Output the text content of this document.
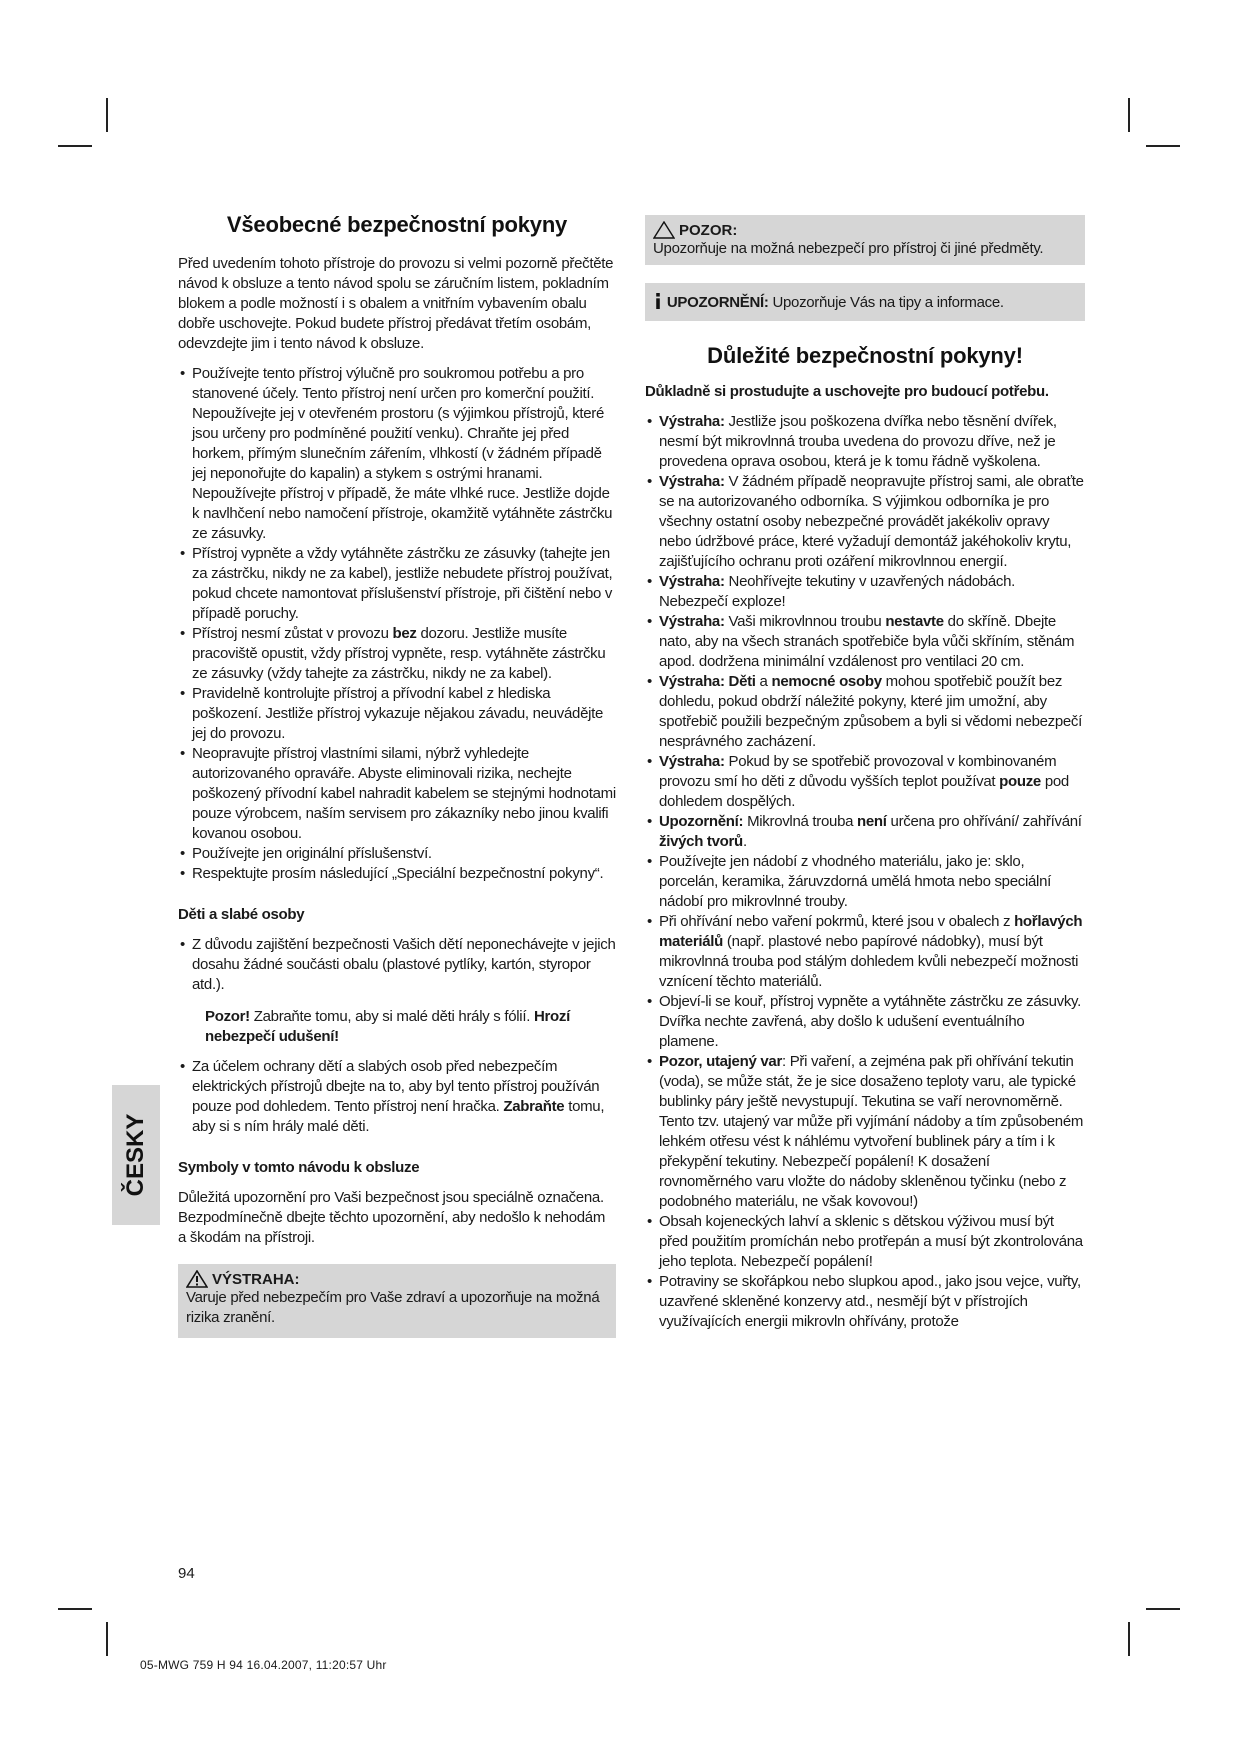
Všeobecné bezpečnostní pokyny

Před uvedením tohoto přístroje do provozu si velmi pozorně přečtěte návod k obsluze a tento návod spolu se záručním listem, pokladním blokem a podle možností i s obalem a vnitřním vybavením obalu dobře uschovejte. Pokud budete přístroj předávat třetím osobám, odevzdejte jim i tento návod k obsluze.

• Používejte tento přístroj výlučně pro soukromou potřebu a pro stanovené účely. Tento přístroj není určen pro komerční použití. Nepoužívejte jej v otevřeném prostoru (s výjimkou přístrojů, které jsou určeny pro podmíněné použití venku). Chraňte jej před horkem, přímým slunečním zářením, vlhkostí (v žádném případě jej neponořujte do kapalin) a stykem s ostrými hranami. Nepoužívejte přístroj v případě, že máte vlhké ruce. Jestliže dojde k navlhčení nebo namočení přístroje, okamžitě vytáhněte zástrčku ze zásuvky.
• Přístroj vypněte a vždy vytáhněte zástrčku ze zásuvky (tahejte jen za zástrčku, nikdy ne za kabel), jestliže nebudete přístroj používat, pokud chcete namontovat příslušenství přístroje, při čištění nebo v případě poruchy.
• Přístroj nesmí zůstat v provozu bez dozoru. Jestliže musíte pracoviště opustit, vždy přístroj vypněte, resp. vytáhněte zástrčku ze zásuvky (vždy tahejte za zástrčku, nikdy ne za kabel).
• Pravidelně kontrolujte přístroj a přívodní kabel z hlediska poškození. Jestliže přístroj vykazuje nějakou závadu, neuvádějte jej do provozu.
• Neopravujte přístroj vlastními silami, nýbrž vyhledejte autorizovaného opraváře. Abyste eliminovali rizika, nechejte poškozený přívodní kabel nahradit kabelem se stejnými hodnotami pouze výrobcem, naším servisem pro zákazníky nebo jinou kvalifi kovanou osobou.
• Používejte jen originální příslušenství.
• Respektujte prosím následující „Speciální bezpečnostní pokyny“.
Děti a slabé osoby
• Z důvodu zajištění bezpečnosti Vašich dětí neponechávejte v jejich dosahu žádné součásti obalu (plastové pytlíky, kartón, styropor atd.).

Pozor! Zabraňte tomu, aby si malé děti hrály s fólií. Hrozí nebezpečí udušení!

• Za účelem ochrany dětí a slabých osob před nebezpečím elektrických přístrojů dbejte na to, aby byl tento přístroj používán pouze pod dohledem. Tento přístroj není hračka. Zabraňte tomu, aby si s ním hrály malé děti.
Symboly v tomto návodu k obsluze

Důležitá upozornění pro Vaši bezpečnost jsou speciálně označena. Bezpodmínečně dbejte těchto upozornění, aby nedošlo k nehodám a škodám na přístroji.

VÝSTRAHA:

Varuje před nebezpečím pro Vaše zdraví a upozorňuje na možná rizika zranění.

POZOR:

Upozorňuje na možná nebezpečí pro přístroj či jiné předměty.

UPOZORNĚNÍ: Upozorňuje Vás na tipy a informace.

Důležité bezpečnostní pokyny!
Důkladně si prostudujte a uschovejte pro budoucí potřebu.
• Výstraha: Jestliže jsou poškozena dvířka nebo těsnění dvířek, nesmí být mikrovlnná trouba uvedena do provozu dříve, než je provedena oprava osobou, která je k tomu řádně vyškolena.
• Výstraha: V žádném případě neopravujte přístroj sami, ale obraťte se na autorizovaného odborníka. S výjimkou odborníka je pro všechny ostatní osoby nebezpečné provádět jakékoliv opravy nebo údržbové práce, které vyžadují demontáž jakéhokoliv krytu, zajišťujícího ochranu proti ozáření mikrovlnnou energií.
• Výstraha: Neohřívejte tekutiny v uzavřených nádobách. Nebezpečí exploze!
• Výstraha: Vaši mikrovlnnou troubu nestavte do skříně. Dbejte nato, aby na všech stranách spotřebiče byla vůči skříním, stěnám apod. dodržena minimální vzdálenost pro ventilaci 20 cm.
• Výstraha: Děti a nemocné osoby mohou spotřebič použít bez dohledu, pokud obdrží náležité pokyny, které jim umožní, aby spotřebič použili bezpečným způsobem a byli si vědomi nebezpečí nesprávného zacházení.
• Výstraha: Pokud by se spotřebič provozoval v kombinovaném provozu smí ho děti z důvodu vyšších teplot používat pouze pod dohledem dospělých.
• Upozornění: Mikrovlná trouba není určena pro ohřívání/ zahřívání živých tvorů.
• Používejte jen nádobí z vhodného materiálu, jako je: sklo, porcelán, keramika, žáruvzdorná umělá hmota nebo speciální nádobí pro mikrovlnné trouby.
• Při ohřívání nebo vaření pokrmů, které jsou v obalech z hořlavých materiálů (např. plastové nebo papírové nádobky), musí být mikrovlnná trouba pod stálým dohledem kvůli nebezpečí možnosti vznícení těchto materiálů.
• Objeví-li se kouř, přístroj vypněte a vytáhněte zástrčku ze zásuvky. Dvířka nechte zavřená, aby došlo k udušení eventuálního plamene.
• Pozor, utajený var: Při vaření, a zejména pak při ohřívání tekutin (voda), se může stát, že je sice dosaženo teploty varu, ale typické bublinky páry ještě nevystupují. Tekutina se vaří nerovnoměrně. Tento tzv. utajený var může při vyjímání nádoby a tím způsobeném lehkém otřesu vést k náhlému vytvoření bublinek páry a tím i k překypění tekutiny. Nebezpečí popálení! K dosažení rovnoměrného varu vložte do nádoby skleněnou tyčinku (nebo z podobného materiálu, ne však kovovou!)
• Obsah kojeneckých lahví a sklenic s dětskou výživou musí být před použitím promíchán nebo protřepán a musí být zkontrolována jeho teplota. Nebezpečí popálení!
• Potraviny se skořápkou nebo slupkou apod., jako jsou vejce, vuřty, uzavřené skleněné konzervy atd., nesmějí být v přístrojích využívajících energii mikrovln ohřívány, protože
ČESKY
94
05-MWG 759 H 94 16.04.2007, 11:20:57 Uhr
